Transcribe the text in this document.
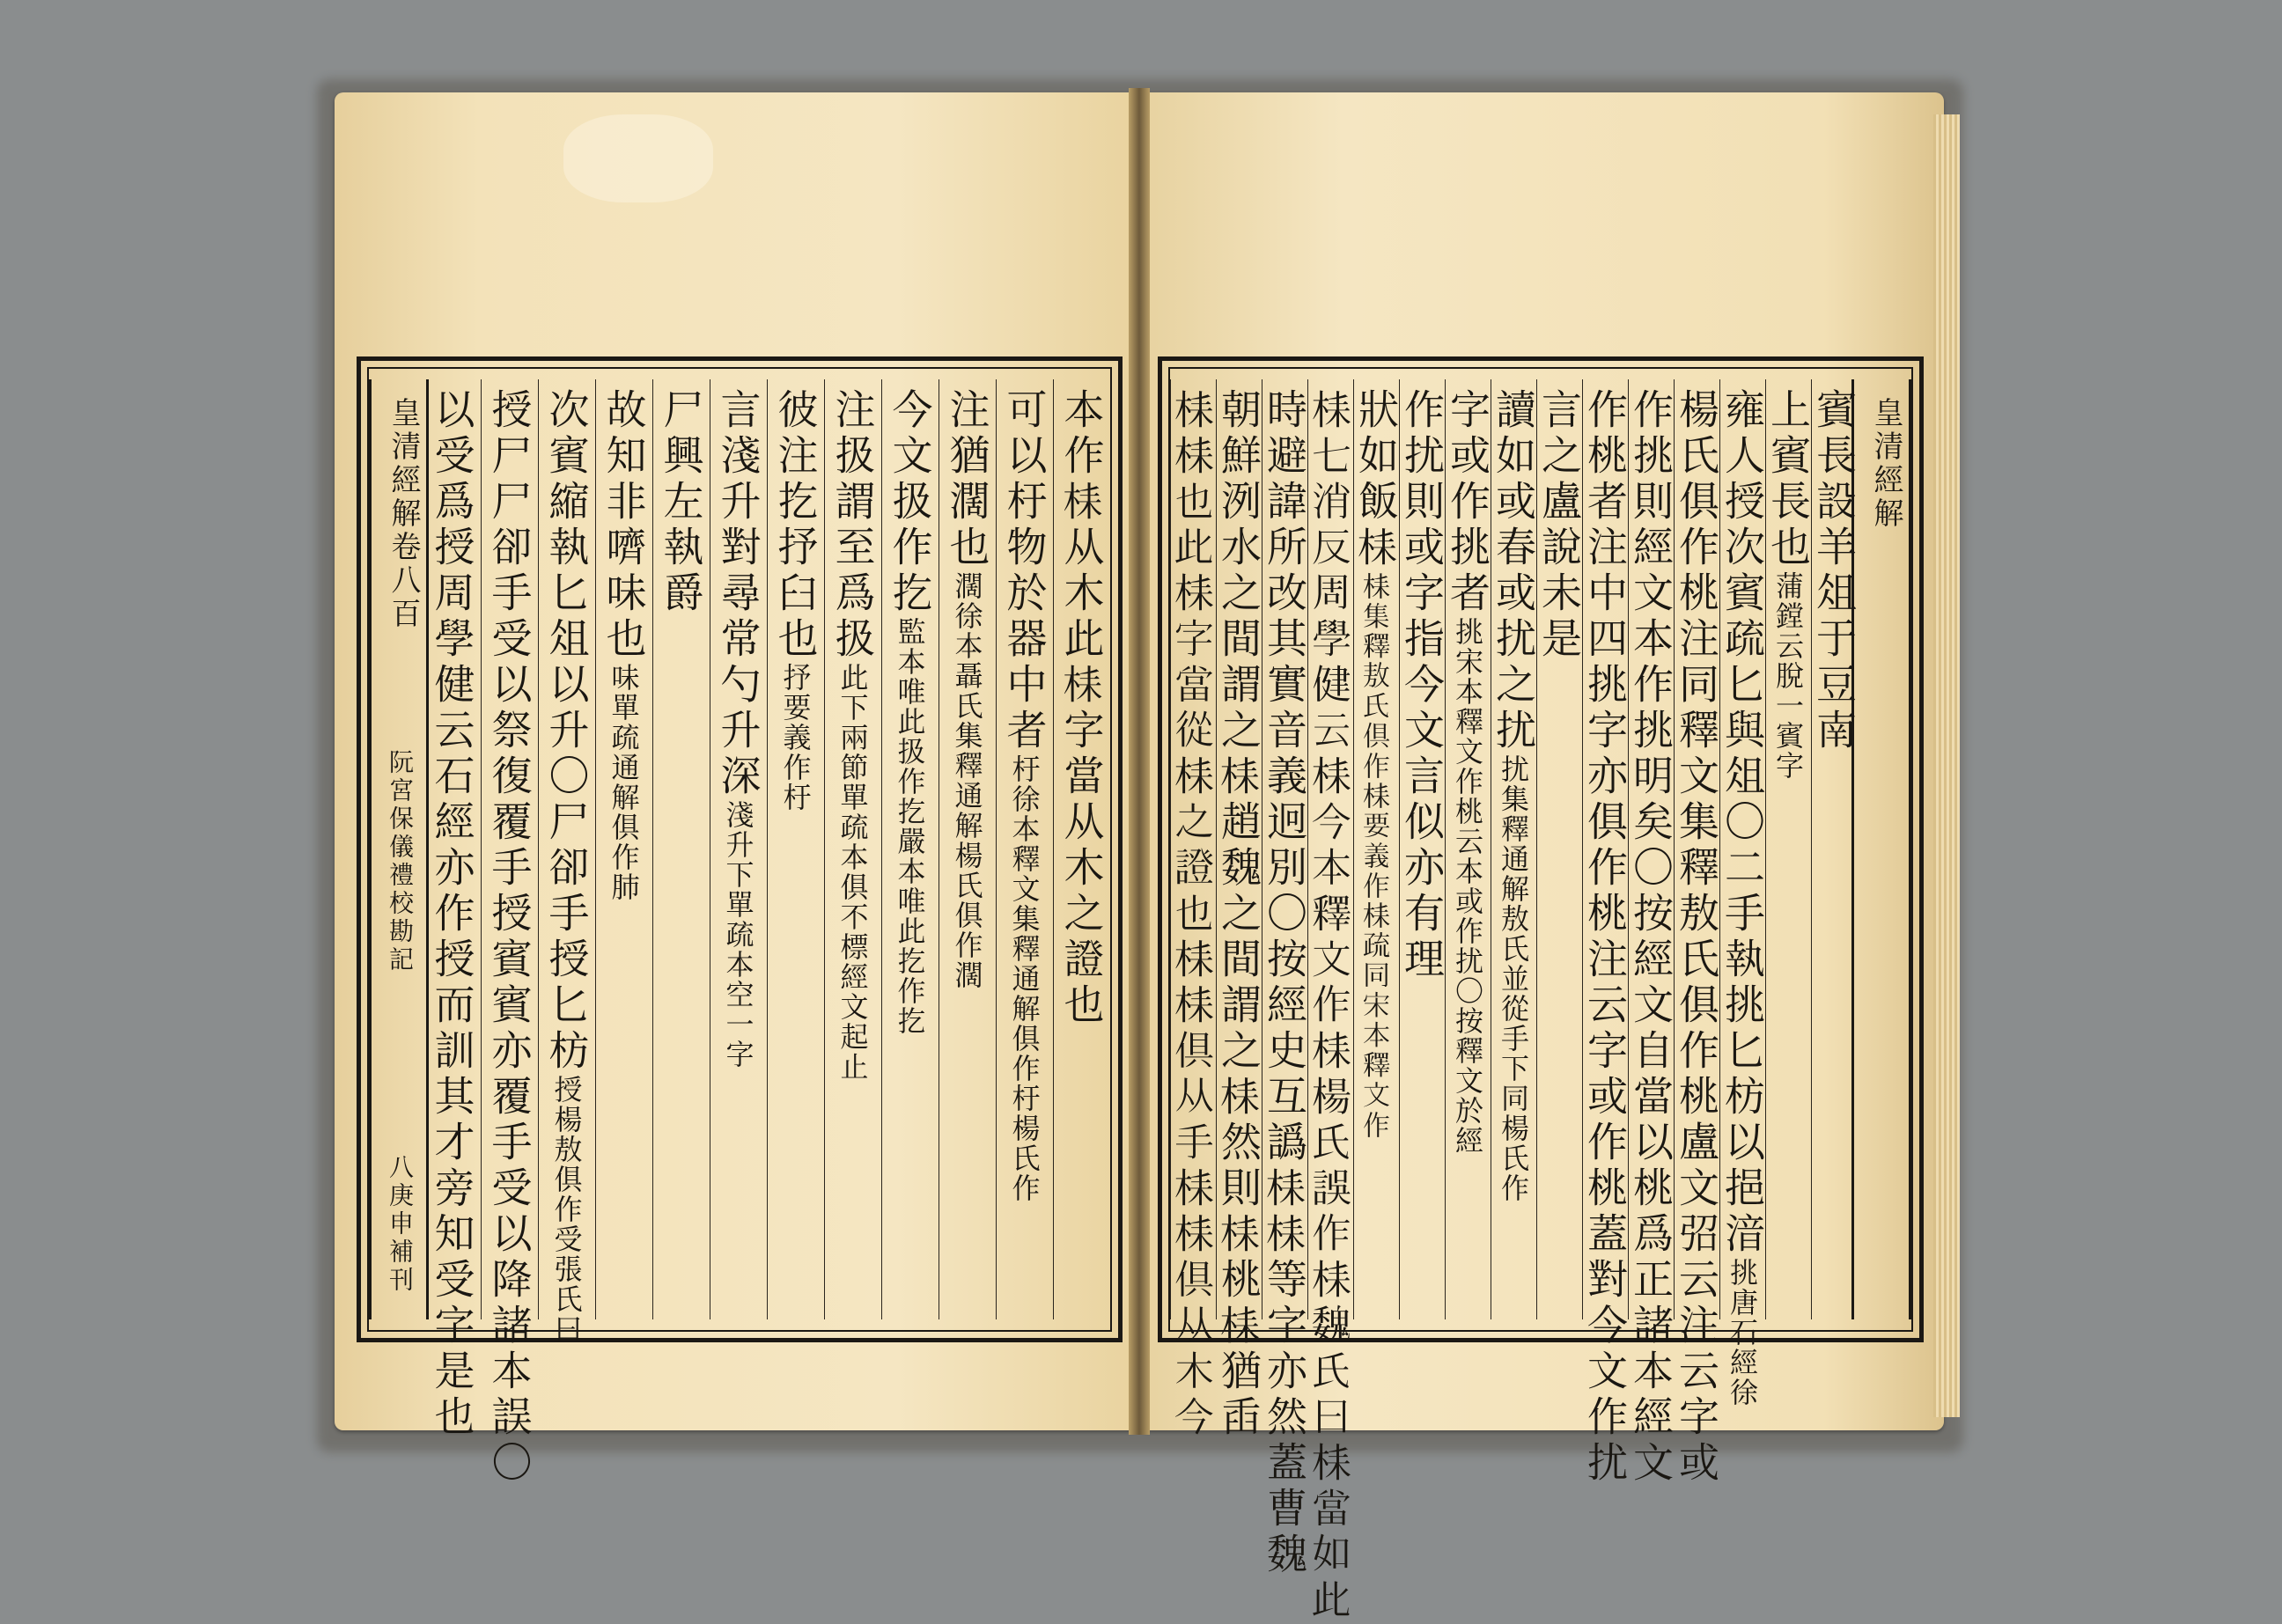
皇清經解卷八百
阮宮保儀禮校勘記
八庚申補刊
本作𣑳从木此𣑳字當从木之證也
可以杅物於器中者杅徐本釋文集釋通解俱作杅楊氏作
注猶濶也濶徐本聶氏集釋通解楊氏俱作濶
今文扱作扢監本唯此扱作扢嚴本唯此扢作扢
注扱謂至爲扱此下兩節單疏本俱不標經文起止
彼注扢抒臼也抒要義作杅
言淺升對尋常勺升深淺升下單疏本空一字
尸興左執爵
故知非嚌味也味單疏通解俱作肺
次賓縮執匕俎以升〇尸卻手授匕枋授楊敖俱作受張氏曰
授尸尸卻手受以祭復覆手授賓賓亦覆手受以降諸本誤〇
以受爲授周學健云石經亦作授而訓其才旁知受字是也	皇清經解
賓長設羊俎于豆南
上賓長也蒲鏜云脫一賓字
雍人授次賓疏匕與俎〇二手執挑匕枋以挹湆挑唐石經徐
楊氏俱作桃注同釋文集釋敖氏俱作桃盧文弨云注云字或
作挑則經文本作挑明矣〇按經文自當以桃爲正諸本經文
作桃者注中四挑字亦俱作桃注云字或作桃蓋對今文作扰
言之盧說未是
讀如或春或扰之扰扰集釋通解敖氏並從手下同楊氏作
字或作挑者挑宋本釋文作桃云本或作扰〇按釋文於經
作扰則或字指今文言似亦有理
狀如飯𣑳𣑳集釋敖氏俱作𣑳要義作𣑳疏同宋本釋文作
𣑳七消反周學健云𣑳今本釋文作𣑳楊氏誤作𣑳魏氏曰𣑳當如此
時避諱所改其實音義迥別〇按經史互譌𣑳𣑳等字亦然蓋曹魏
朝鮮洌水之間謂之𣑳趙魏之間謂之𣑳然則𣑳桃𣑳猶臿
𣑳𣑳也此𣑳字當從𣑳之證也𣑳𣑳俱从手𣑳𣑳俱从木今
